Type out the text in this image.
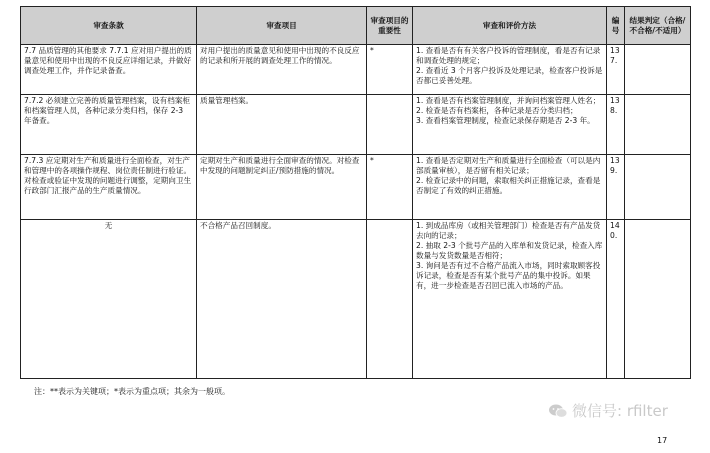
审查条款	审查项目	审查项目的重要性	审查和评价方法	编号	结果判定（合格/不合格/不适用）
7.7 品质管理的其他要求 7.7.1 应对用户提出的质量意见和使用中出现的不良反应详细记录，并做好调查处理工作，并作记录备查。	对用户提出的质量意见和使用中出现的不良反应的记录和所开展的调查处理工作的情况。	*	1. 查看是否有有关客户投诉的管理制度，看是否有记录和调查处理的规定；
2. 查看近 3 个月客户投诉及处理记录，检查客户投诉是否都已妥善处理。	137.	
7.7.2 必须建立完善的质量管理档案，设有档案柜和档案管理人员，各种记录分类归档，保存 2-3 年备查。	质量管理档案。		1. 查看是否有档案管理制度，并询问档案管理人姓名；
2. 检查是否有档案柜，各种记录是否分类归档；
3. 查看档案管理制度，检查记录保存期是否 2-3 年。	138.	
7.7.3 应定期对生产和质量进行全面检查，对生产和管理中的各项操作规程、岗位责任制进行验证。对检查或验证中发现的问题进行调整，定期向卫生行政部门汇报产品的生产质量情况。	定期对生产和质量进行全面审查的情况。对检查中发现的问题制定纠正/预防措施的情况。	*	1. 查看是否定期对生产和质量进行全面检查（可以是内部质量审核），是否留有相关记录；
2. 检查记录中的问题，索取相关纠正措施记录，查看是否制定了有效的纠正措施。	139.	
无	不合格产品召回制度。		1. 到成品库房（或相关管理部门）检查是否有产品发货去向的记录；
2. 抽取 2-3 个批号产品的入库单和发货记录，检查入库数量与发货数量是否相符；
3. 询问是否有过不合格产品流入市场，同时索取顾客投诉记录，检查是否有某个批号产品的集中投诉。如果有，进一步检查是否召回已流入市场的产品。	140.	
注：**表示为关键项；*表示为重点项；其余为一般项。
微信号: rfilter
17
